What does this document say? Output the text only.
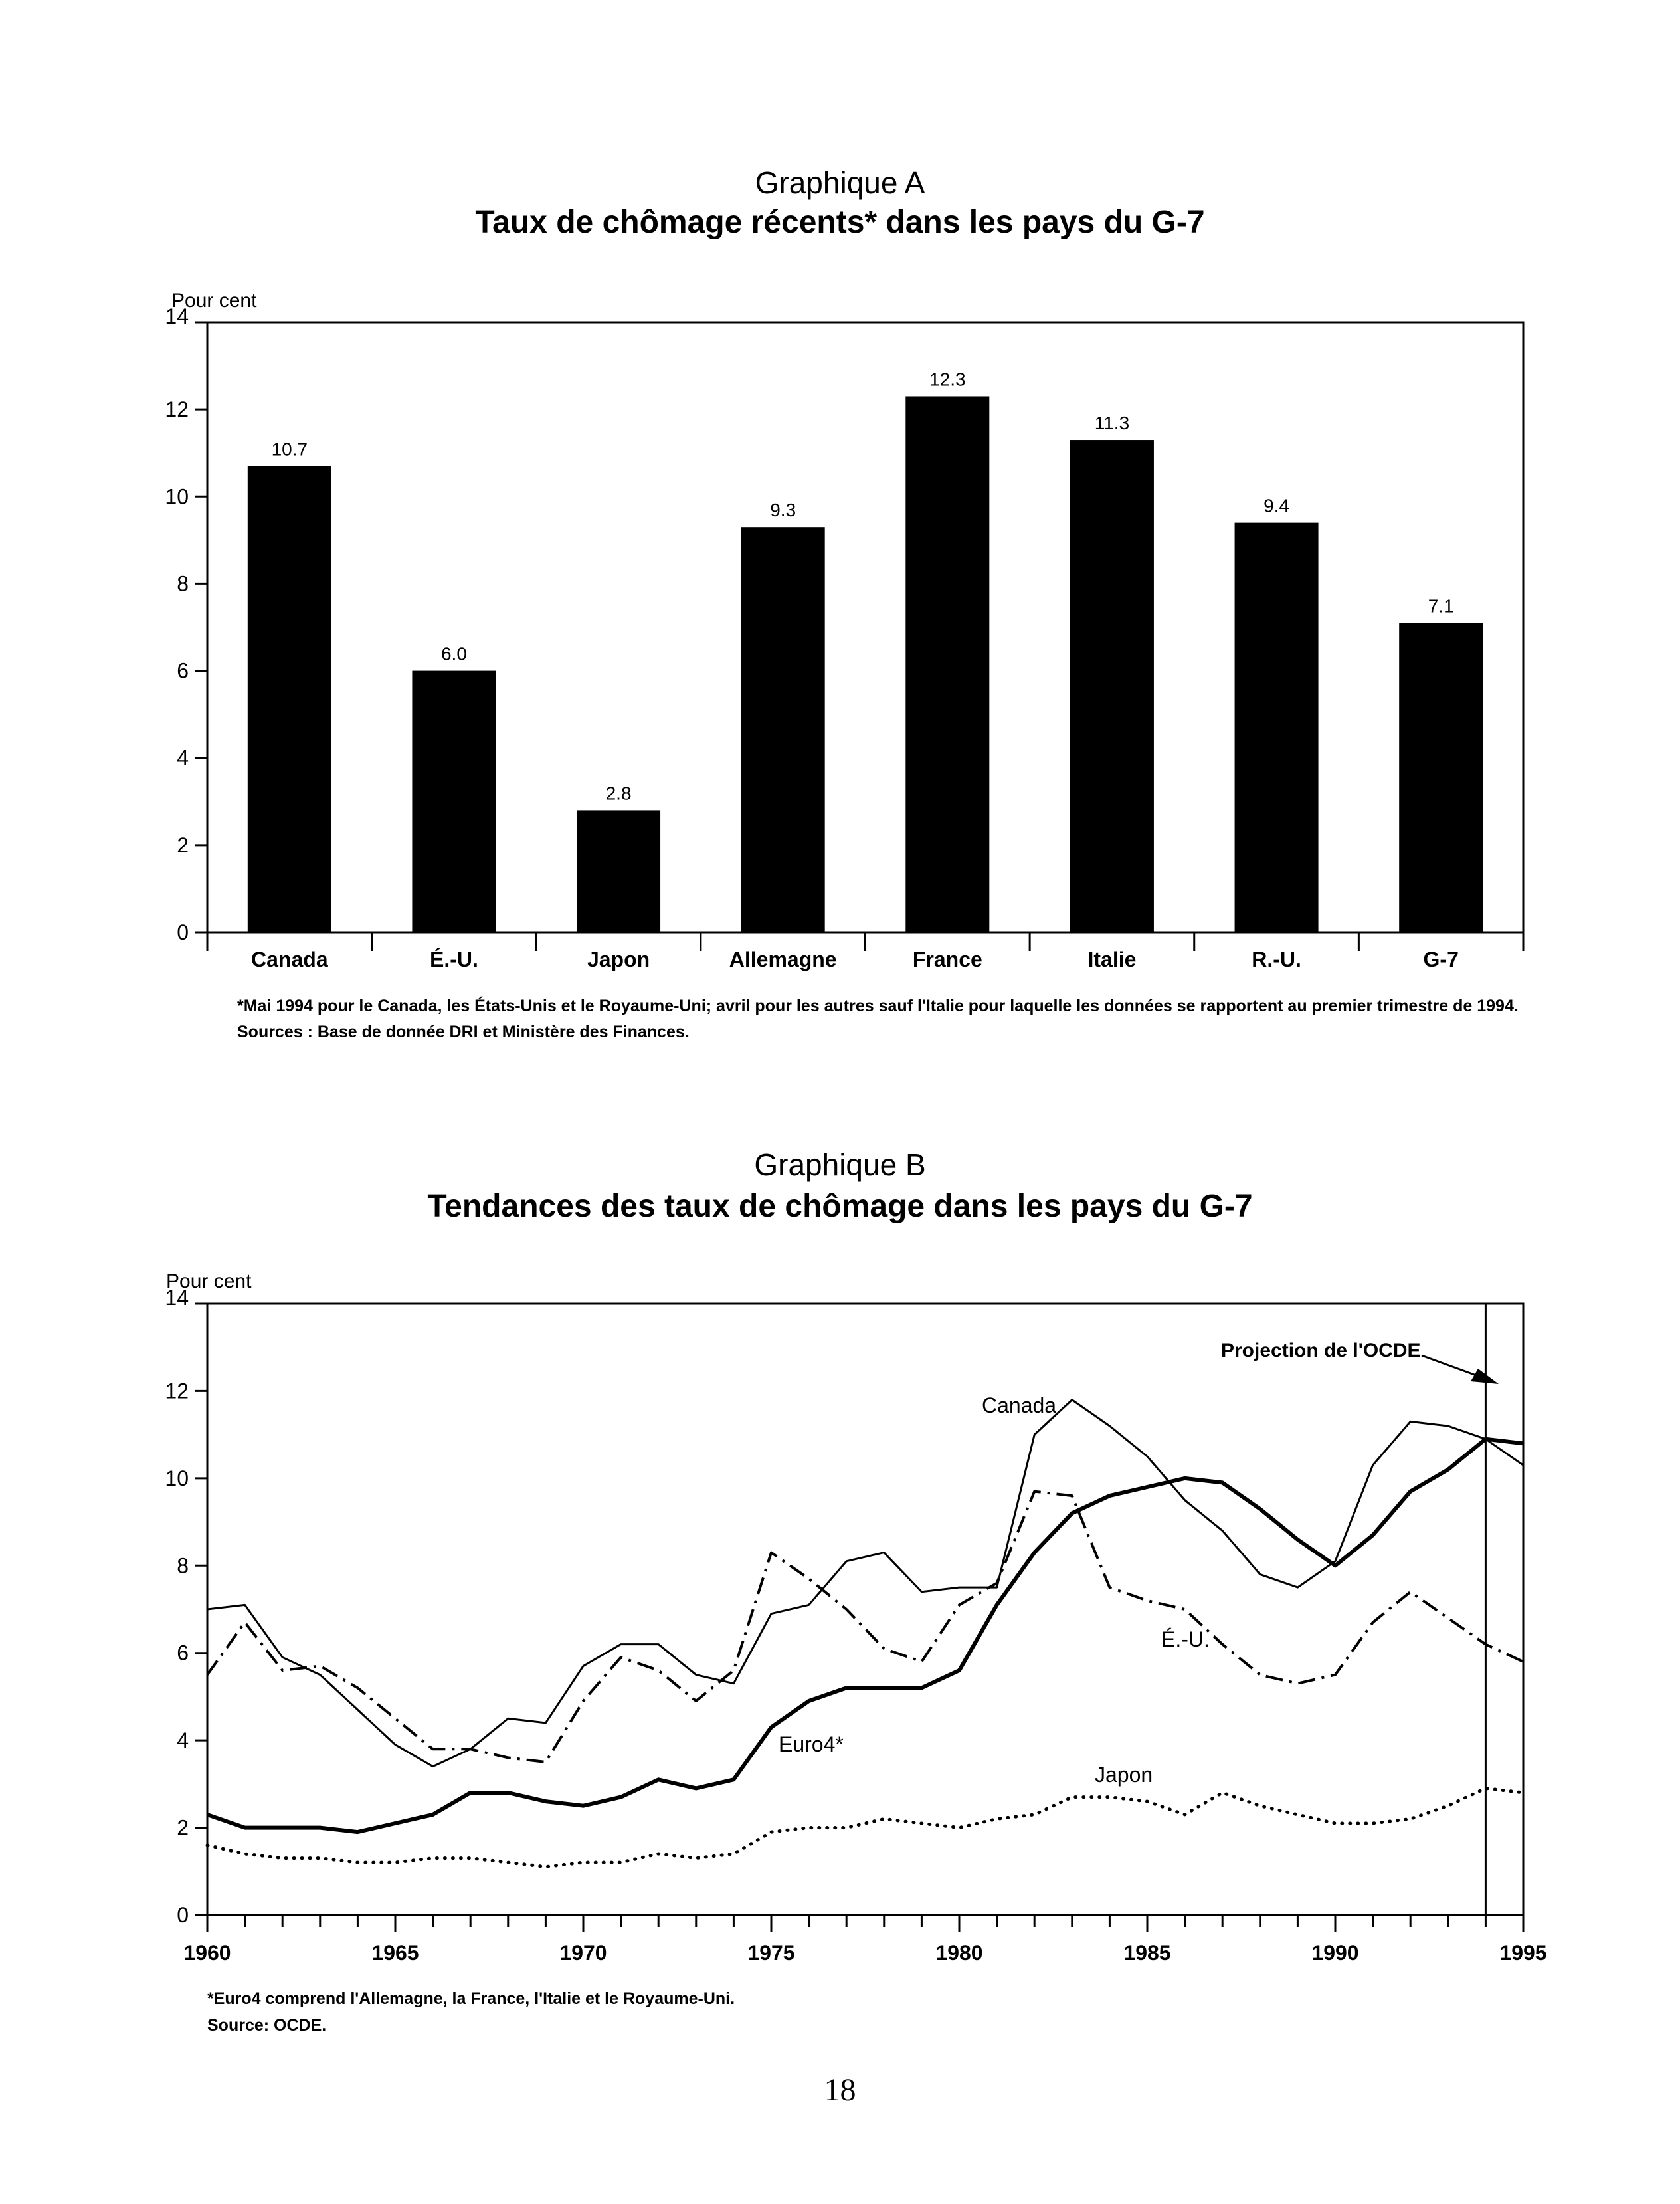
Graphique A
Taux de chômage récents* dans les pays du G-7
Pour cent
0
2
4
6
8
10
12
14
10.7
6.0
2.8
9.3
12.3
11.3
9.4
7.1
Canada	É.-U.	Japon	Allemagne	France	Italie	R.-U.	G-7
*Mai 1994 pour le Canada, les États-Unis et le Royaume-Uni; avril pour les autres sauf l'Italie pour laquelle les données se rapportent au premier trimestre de 1994.
Sources : Base de donnée DRI et Ministère des Finances.
Graphique B
Tendances des taux de chômage dans les pays du G-7
Pour cent
0
2
4
6
8
10
12
14
1960	1965	1970	1975	1980	1985	1990	1995
Projection de l'OCDE
Canada
É.-U.
Euro4*
Japon
*Euro4 comprend l'Allemagne, la France, l'Italie et le Royaume-Uni.
Source: OCDE.
18
